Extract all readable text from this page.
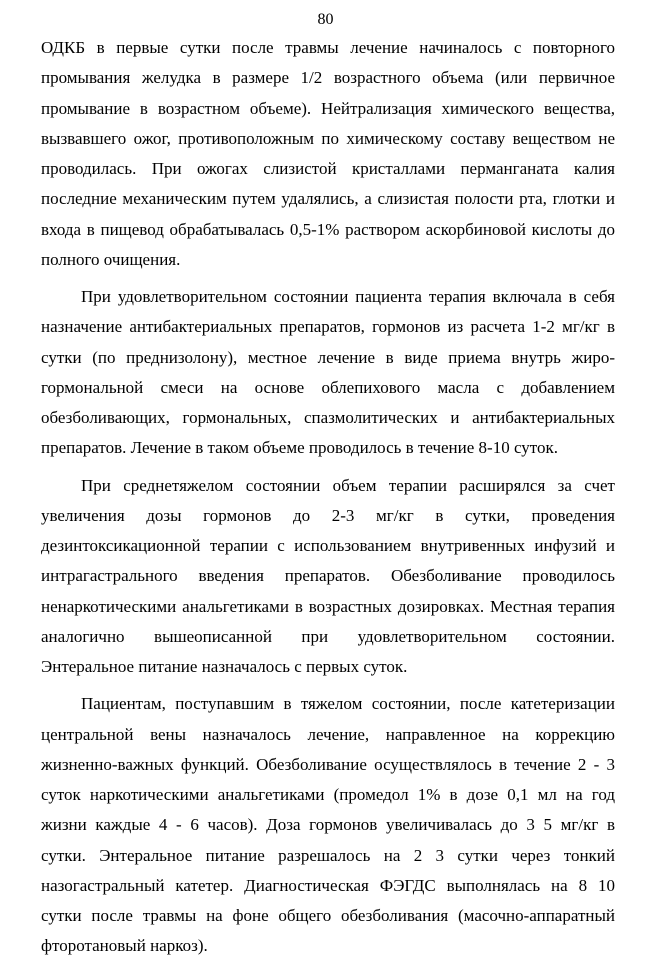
80
ОДКБ в первые сутки после травмы лечение начиналось с повторного
промывания желудка в размере 1/2 возрастного объема (или первичное
промывание в возрастном объеме). Нейтрализация химического вещества,
вызвавшего ожог, противоположным по химическому составу веществом не
проводилась. При ожогах слизистой кристаллами перманганата калия
последние механическим путем удалялись, а слизистая полости рта, глотки и
входа в пищевод обрабатывалась 0,5-1% раствором аскорбиновой кислоты до
полного очищения.
При удовлетворительном состоянии пациента терапия включала в себя
назначение антибактериальных препаратов, гормонов из расчета 1-2 мг/кг в
сутки (по преднизолону), местное лечение в виде приема внутрь жиро-
гормональной смеси на основе облепихового масла с добавлением
обезболивающих, гормональных, спазмолитических и антибактериальных
препаратов. Лечение в таком объеме проводилось в течение 8-10 суток.
При среднетяжелом состоянии объем терапии расширялся за счет
увеличения дозы гормонов до 2-3 мг/кг в сутки, проведения
дезинтоксикационной терапии с использованием внутривенных инфузий и
интрагастрального введения препаратов. Обезболивание проводилось
ненаркотическими анальгетиками в возрастных дозировках. Местная терапия
аналогично вышеописанной при удовлетворительном состоянии.
Энтеральное питание назначалось с первых суток.
Пациентам, поступавшим в тяжелом состоянии, после катетеризации
центральной вены назначалось лечение, направленное на коррекцию
жизненно-важных функций. Обезболивание осуществлялось в течение 2 - 3
суток наркотическими анальгетиками (промедол 1% в дозе 0,1 мл на год
жизни каждые 4 - 6 часов). Доза гормонов увеличивалась до 3 5 мг/кг в
сутки. Энтеральное питание разрешалось на 2 3 сутки через тонкий
назогастральный катетер. Диагностическая ФЭГДС выполнялась на 8 10
сутки после травмы на фоне общего обезболивания (масочно-аппаратный
фторотановый наркоз).
